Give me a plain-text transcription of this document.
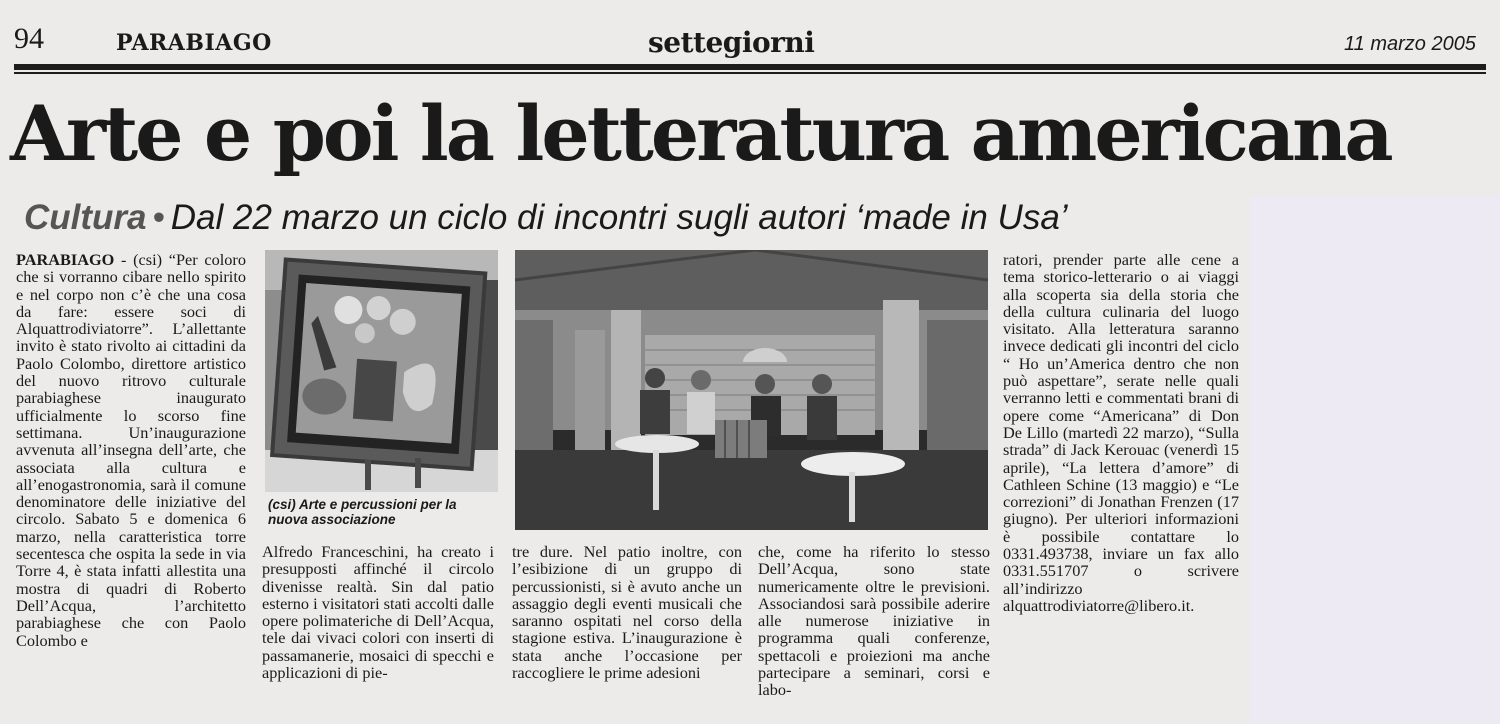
94	PARABIAGO	settegiorni	11 marzo 2005
Arte e poi la letteratura americana
Cultura • Dal 22 marzo un ciclo di incontri sugli autori ‘made in Usa’

PARABIAGO - (csi) “Per coloro che si vorranno cibare nello spirito e nel corpo non c’è che una cosa da fare: essere soci di Alquattrodiviatorre”. L’allettante invito è stato rivolto ai cittadini da Paolo Colombo, direttore artistico del nuovo ritrovo culturale parabiaghese inaugurato ufficialmente lo scorso fine settimana. Un’inaugurazione avvenuta all’insegna dell’arte, che associata alla cultura e all’enogastronomia, sarà il comune denominatore delle iniziative del circolo. Sabato 5 e domenica 6 marzo, nella caratteristica torre secentesca che ospita la sede in via Torre 4, è stata infatti allestita una mostra di quadri di Roberto Dell’Acqua, l’architetto parabiaghese che con Paolo Colombo e

(csi) Arte e percussioni per la nuova associazione

Alfredo Franceschini, ha creato i presupposti affinché il circolo divenisse realtà. Sin dal patio esterno i visitatori stati accolti dalle opere polimateriche di Dell’Acqua, tele dai vivaci colori con inserti di passamanerie, mosaici di specchi e applicazioni di pie-

tre dure. Nel patio inoltre, con l’esibizione di un gruppo di percussionisti, si è avuto anche un assaggio degli eventi musicali che saranno ospitati nel corso della stagione estiva. L’inaugurazione è stata anche l’occasione per raccogliere le prime adesioni

che, come ha riferito lo stesso Dell’Acqua, sono state numericamente oltre le previsioni. Associandosi sarà possibile aderire alle numerose iniziative in programma quali conferenze, spettacoli e proiezioni ma anche partecipare a seminari, corsi e labo-

ratori, prender parte alle cene a tema storico-letterario o ai viaggi alla scoperta sia della storia che della cultura culinaria del luogo visitato. Alla letteratura saranno invece dedicati gli incontri del ciclo “ Ho un’America dentro che non può aspettare”, serate nelle quali verranno letti e commentati brani di opere come “Americana” di Don De Lillo (martedì 22 marzo), “Sulla strada” di Jack Kerouac (venerdì 15 aprile), “La lettera d’amore” di Cathleen Schine (13 maggio) e “Le correzioni” di Jonathan Frenzen (17 giugno). Per ulteriori informazioni è possibile contattare lo 0331.493738, inviare un fax allo 0331.551707 o scrivere all’indirizzo alquattrodiviatorre@libero.it.
